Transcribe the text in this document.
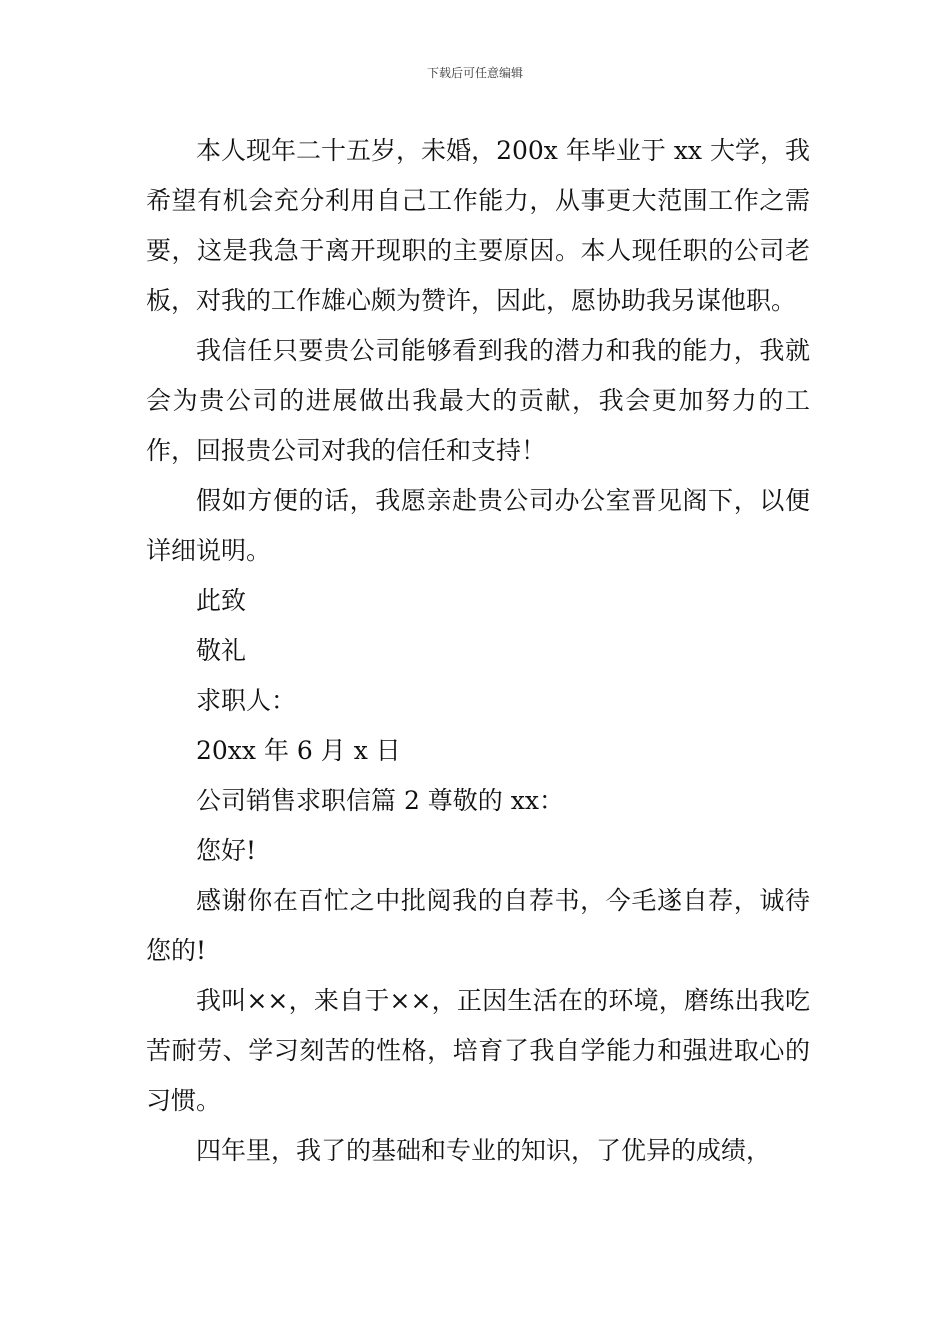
下载后可任意编辑

本人现年二十五岁，未婚，200x 年毕业于 xx 大学，我希望有机会充分利用自己工作能力，从事更大范围工作之需要，这是我急于离开现职的主要原因。本人现任职的公司老板，对我的工作雄心颇为赞许，因此，愿协助我另谋他职。

我信任只要贵公司能够看到我的潜力和我的能力，我就会为贵公司的进展做出我最大的贡献，我会更加努力的工作，回报贵公司对我的信任和支持！

假如方便的话，我愿亲赴贵公司办公室晋见阁下，以便详细说明。

此致

敬礼

求职人：

20xx 年 6 月 x 日

公司销售求职信篇 2 尊敬的 xx：

您好!

感谢你在百忙之中批阅我的自荐书，今毛遂自荐，诚待您的!

我叫××，来自于××，正因生活在的环境，磨练出我吃苦耐劳、学习刻苦的性格，培育了我自学能力和强进取心的习惯。

四年里，我了的基础和专业的知识，了优异的成绩，
